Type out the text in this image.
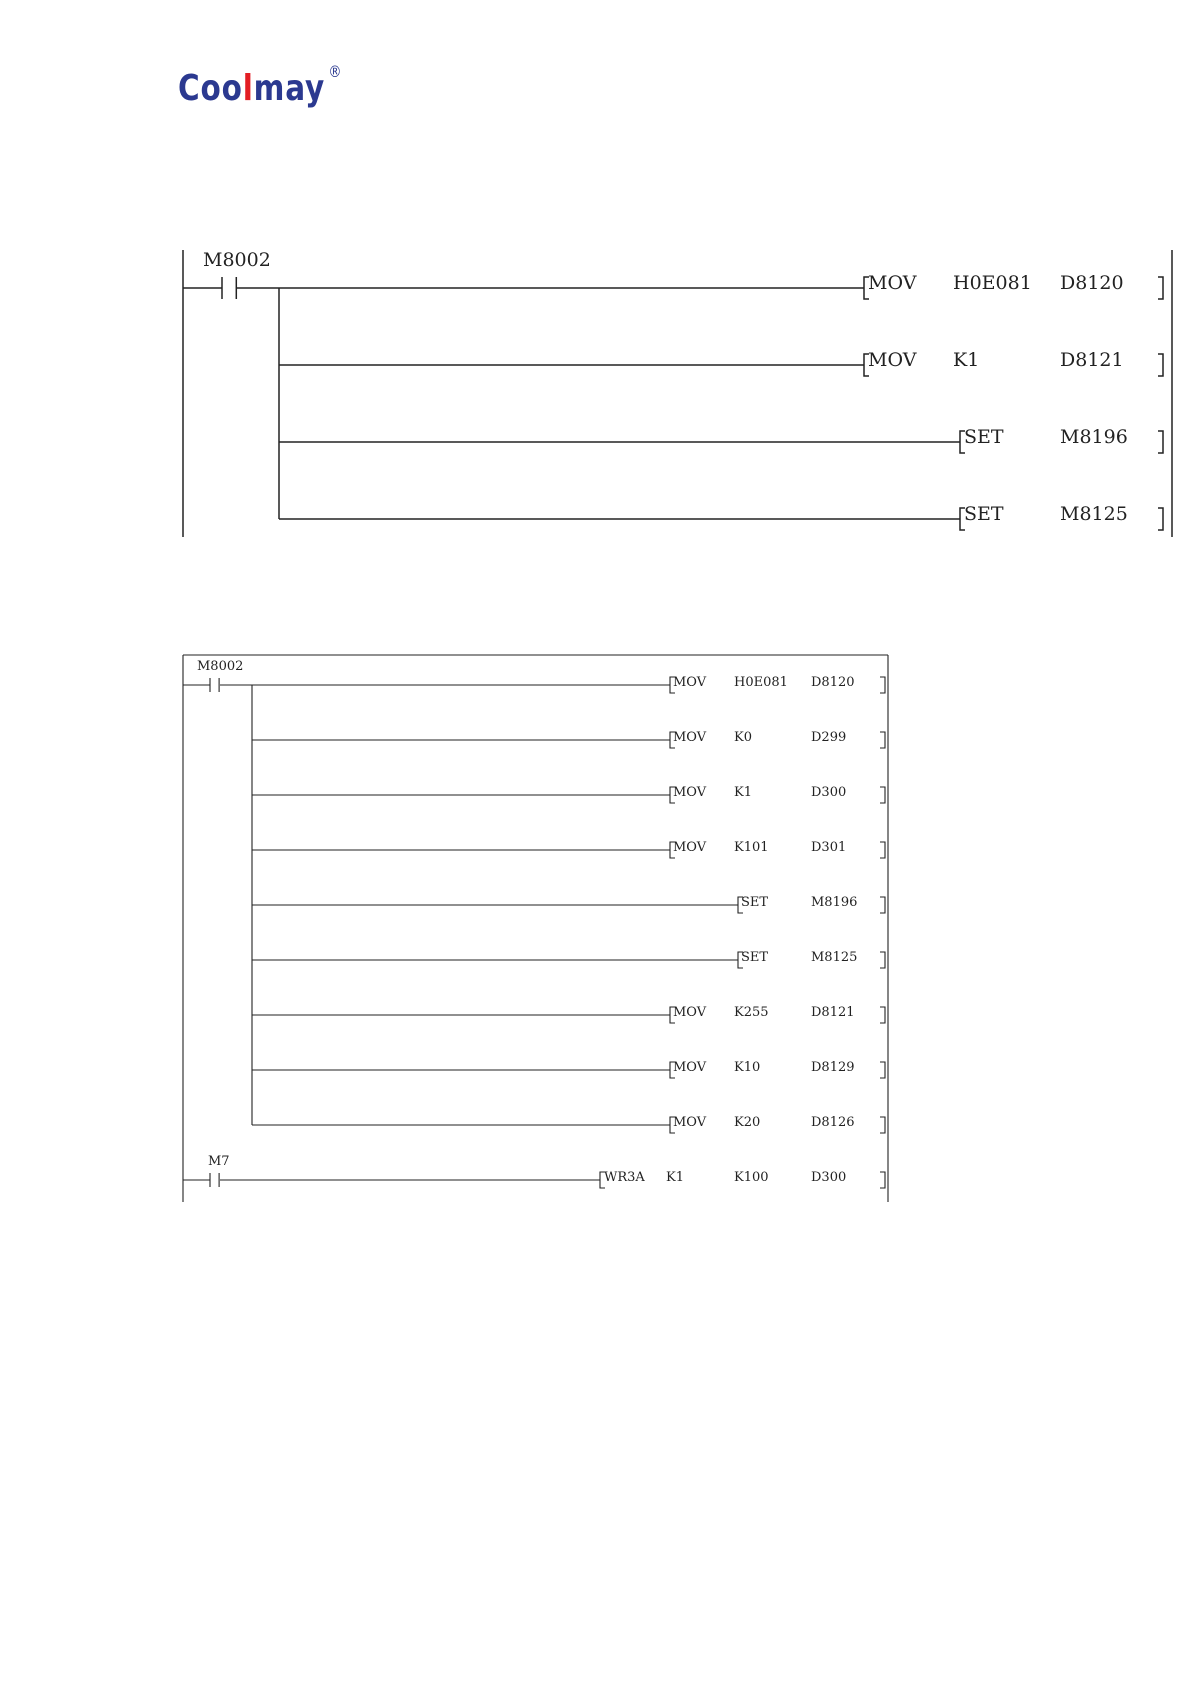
Coolmay ®
M8002
MOV H0E081 D8120
MOV K1	D8121
SET	M8196
SET	M8125
M8002
MOV H0E081 D8120
MOV K0	D299
MOV K1	D300
MOV K101	D301
SET	M8196
SET	M8125
MOV K255	D8121
MOV K10	D8129
MOV K20	D8126
M7
WR3A K1	K100	D300
